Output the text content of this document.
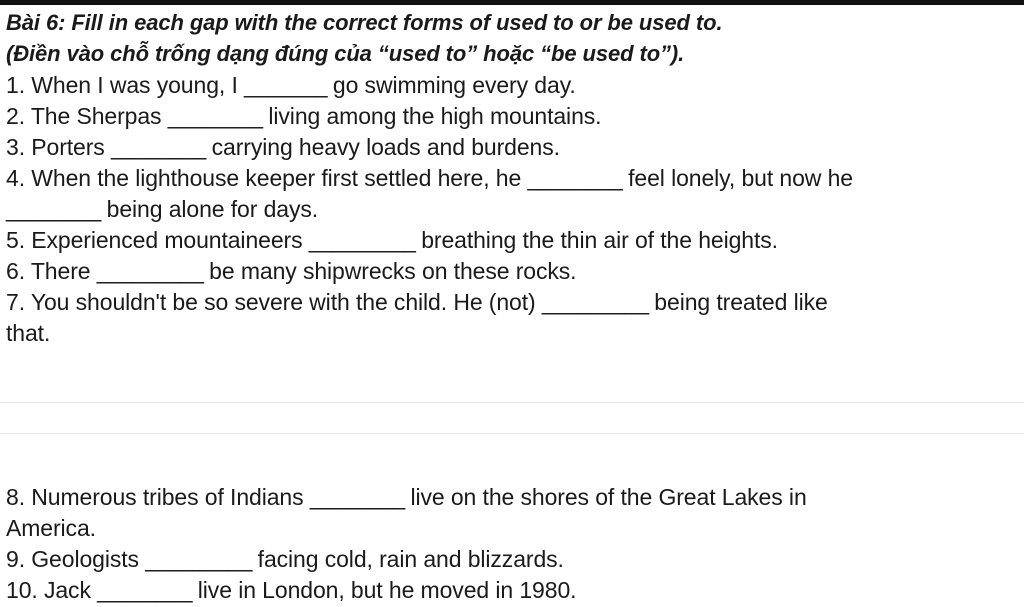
Bài 6: Fill in each gap with the correct forms of used to or be used to.
(Điền vào chỗ trống dạng đúng của “used to” hoặc “be used to”).
1. When I was young, I _______ go swimming every day.
2. The Sherpas ________ living among the high mountains.
3. Porters ________ carrying heavy loads and burdens.
4. When the lighthouse keeper first settled here, he ________ feel lonely, but now he
________ being alone for days.
5. Experienced mountaineers _________ breathing the thin air of the heights.
6. There _________ be many shipwrecks on these rocks.
7. You shouldn't be so severe with the child. He (not) _________ being treated like
that.
8. Numerous tribes of Indians ________ live on the shores of the Great Lakes in
America.
9. Geologists _________ facing cold, rain and blizzards.
10. Jack ________ live in London, but he moved in 1980.
